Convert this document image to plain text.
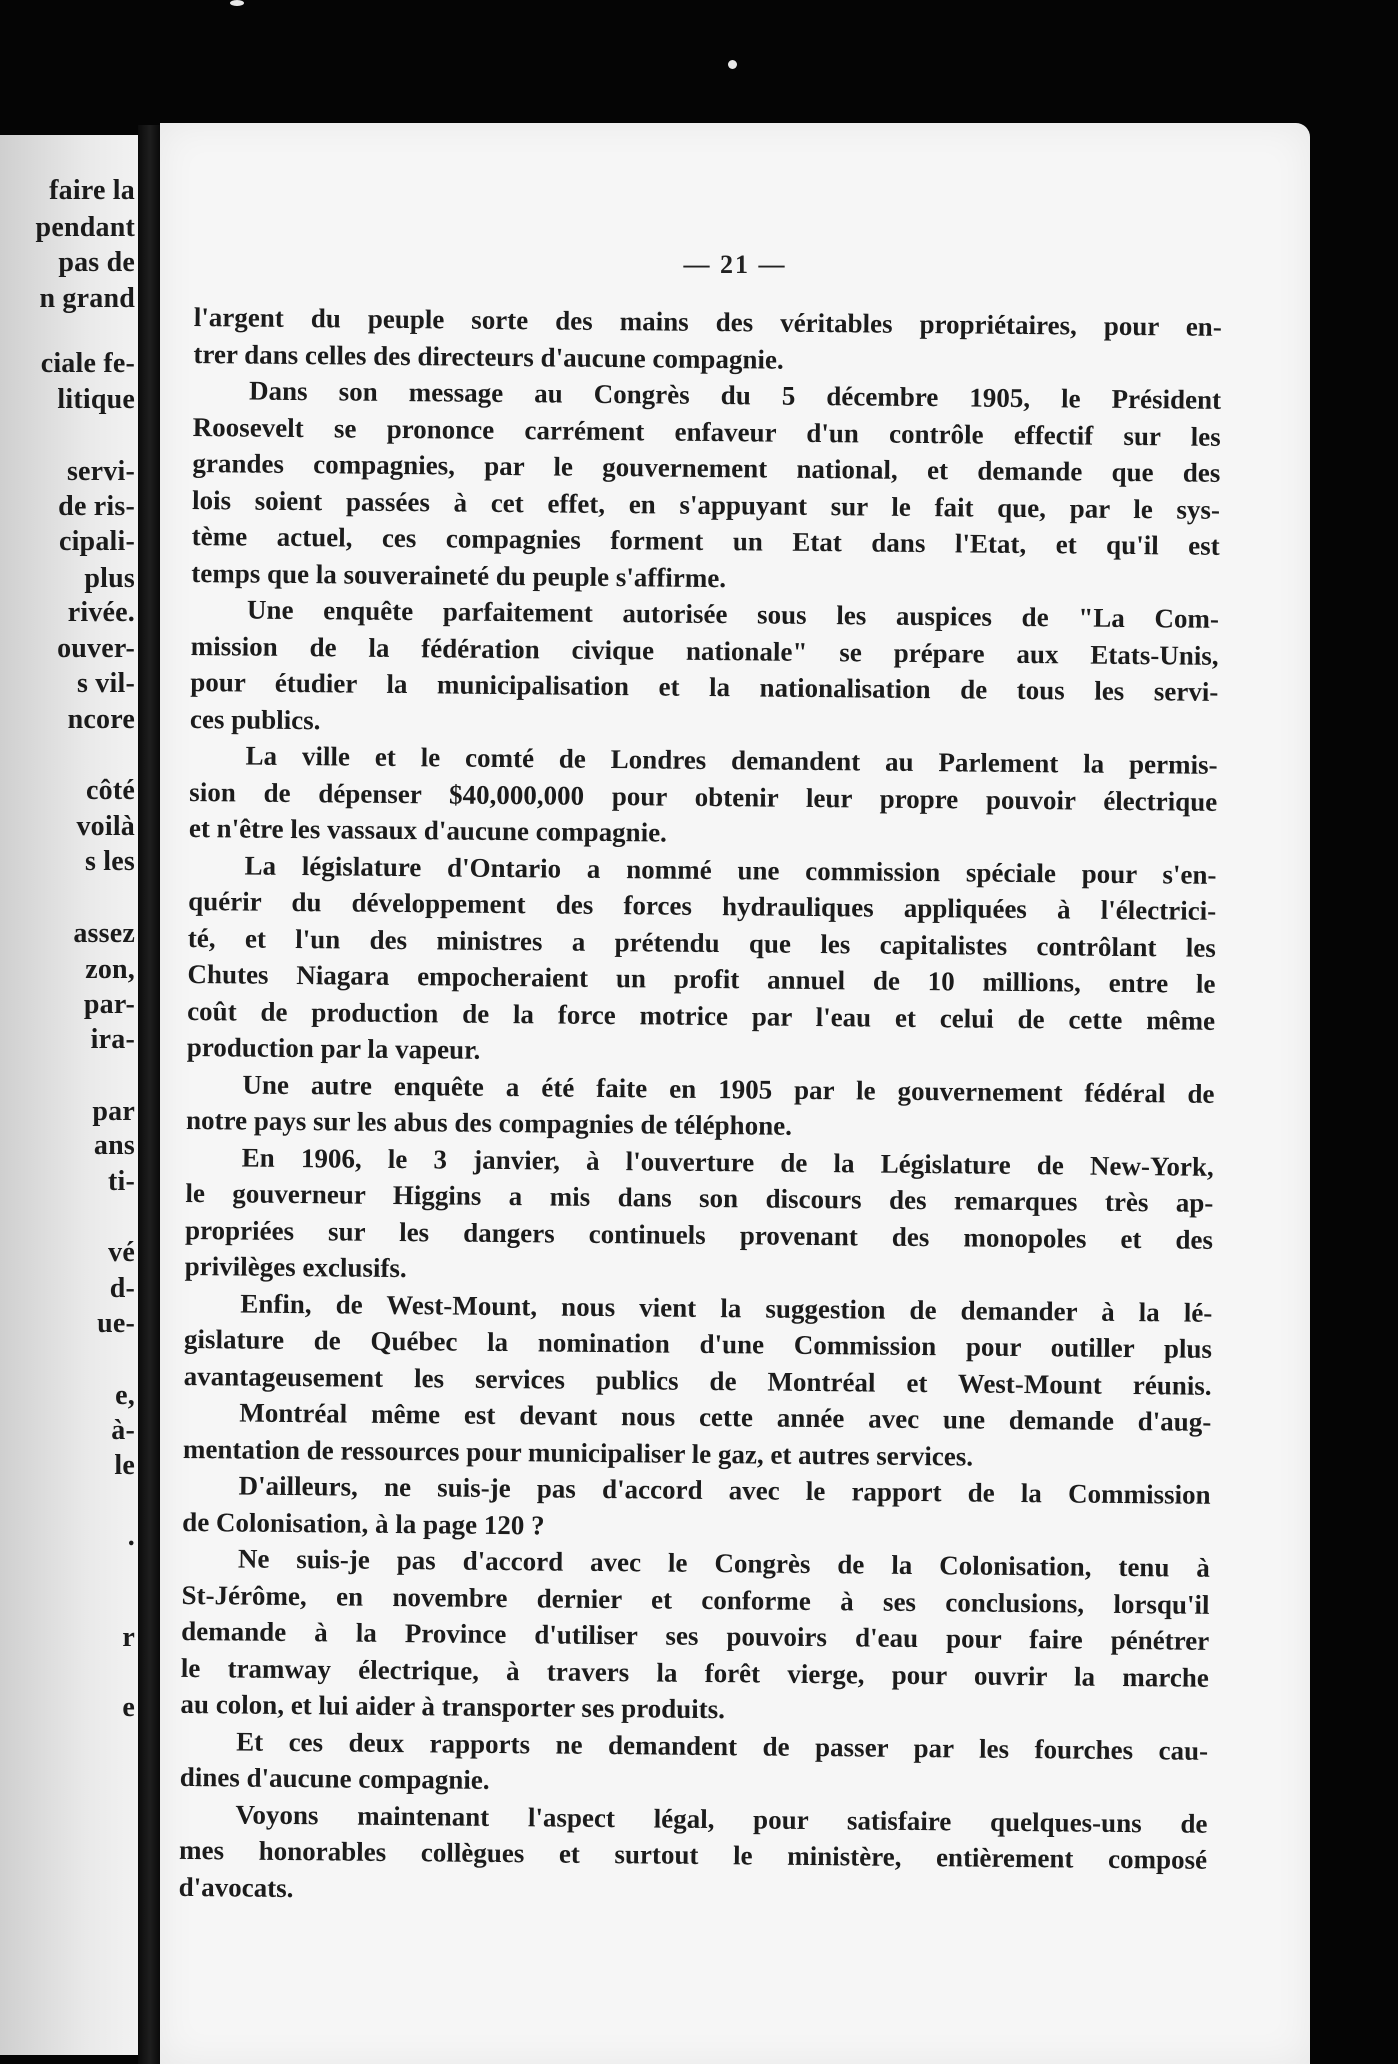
faire la

pendant

pas de

n grand

ciale fe-

litique

servi-

de ris-

cipali-

plus

rivée.

ouver-

s vil-

ncore

côté

voilà

s les

assez

zon,

par-

ira-

par

ans

ti-

vé

d-

ue-

e,

à-

le

.

r

e

— 21 —

l'argent du peuple sorte des mains des véritables propriétaires, pour en-

trer dans celles des directeurs d'aucune compagnie.

Dans son message au Congrès du 5 décembre 1905, le Président

Roosevelt se prononce carrément enfaveur d'un contrôle effectif sur les

grandes compagnies, par le gouvernement national, et demande que des

lois soient passées à cet effet, en s'appuyant sur le fait que, par le sys-

tème actuel, ces compagnies forment un Etat dans l'Etat, et qu'il est

temps que la souveraineté du peuple s'affirme.

Une enquête parfaitement autorisée sous les auspices de "La Com-

mission de la fédération civique nationale" se prépare aux Etats-Unis,

pour étudier la municipalisation et la nationalisation de tous les servi-

ces publics.

La ville et le comté de Londres demandent au Parlement la permis-

sion de dépenser $40,000,000 pour obtenir leur propre pouvoir électrique

et n'être les vassaux d'aucune compagnie.

La législature d'Ontario a nommé une commission spéciale pour s'en-

quérir du développement des forces hydrauliques appliquées à l'électrici-

té, et l'un des ministres a prétendu que les capitalistes contrôlant les

Chutes Niagara empocheraient un profit annuel de 10 millions, entre le

coût de production de la force motrice par l'eau et celui de cette même

production par la vapeur.

Une autre enquête a été faite en 1905 par le gouvernement fédéral de

notre pays sur les abus des compagnies de téléphone.

En 1906, le 3 janvier, à l'ouverture de la Législature de New-York,

le gouverneur Higgins a mis dans son discours des remarques très ap-

propriées sur les dangers continuels provenant des monopoles et des

privilèges exclusifs.

Enfin, de West-Mount, nous vient la suggestion de demander à la lé-

gislature de Québec la nomination d'une Commission pour outiller plus

avantageusement les services publics de Montréal et West-Mount réunis.

Montréal même est devant nous cette année avec une demande d'aug-

mentation de ressources pour municipaliser le gaz, et autres services.

D'ailleurs, ne suis-je pas d'accord avec le rapport de la Commission

de Colonisation, à la page 120 ?

Ne suis-je pas d'accord avec le Congrès de la Colonisation, tenu à

St-Jérôme, en novembre dernier et conforme à ses conclusions, lorsqu'il

demande à la Province d'utiliser ses pouvoirs d'eau pour faire pénétrer

le tramway électrique, à travers la forêt vierge, pour ouvrir la marche

au colon, et lui aider à transporter ses produits.

Et ces deux rapports ne demandent de passer par les fourches cau-

dines d'aucune compagnie.

Voyons maintenant l'aspect légal, pour satisfaire quelques-uns de

mes honorables collègues et surtout le ministère, entièrement composé

d'avocats.
